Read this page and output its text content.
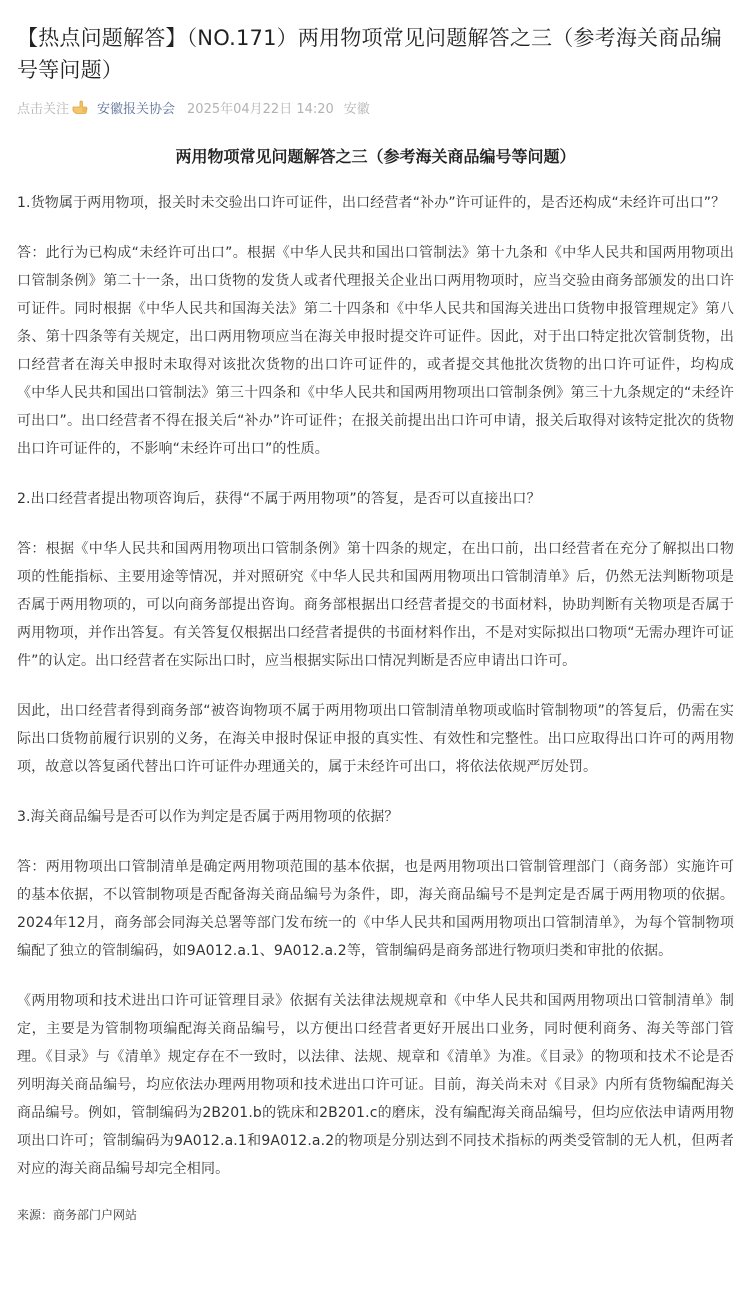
【热点问题解答】（NO.171）两用物项常见问题解答之三（参考海关商品编号等问题）
点击关注 安徽报关协会 2025年04月22日 14:20 安徽
两用物项常见问题解答之三（参考海关商品编号等问题）

1.货物属于两用物项，报关时未交验出口许可证件，出口经营者“补办”许可证件的，是否还构成“未经许可出口”？

答：此行为已构成“未经许可出口”。根据《中华人民共和国出口管制法》第十九条和《中华人民共和国两用物项出口管制条例》第二十一条，出口货物的发货人或者代理报关企业出口两用物项时，应当交验由商务部颁发的出口许可证件。同时根据《中华人民共和国海关法》第二十四条和《中华人民共和国海关进出口货物申报管理规定》第八条、第十四条等有关规定，出口两用物项应当在海关申报时提交许可证件。因此，对于出口特定批次管制货物，出口经营者在海关申报时未取得对该批次货物的出口许可证件的，或者提交其他批次货物的出口许可证件，均构成《中华人民共和国出口管制法》第三十四条和《中华人民共和国两用物项出口管制条例》第三十九条规定的“未经许可出口”。出口经营者不得在报关后“补办”许可证件；在报关前提出出口许可申请，报关后取得对该特定批次的货物出口许可证件的，不影响“未经许可出口”的性质。

2.出口经营者提出物项咨询后，获得“不属于两用物项”的答复，是否可以直接出口？

答：根据《中华人民共和国两用物项出口管制条例》第十四条的规定，在出口前，出口经营者在充分了解拟出口物项的性能指标、主要用途等情况，并对照研究《中华人民共和国两用物项出口管制清单》后，仍然无法判断物项是否属于两用物项的，可以向商务部提出咨询。商务部根据出口经营者提交的书面材料，协助判断有关物项是否属于两用物项，并作出答复。有关答复仅根据出口经营者提供的书面材料作出，不是对实际拟出口物项“无需办理许可证件”的认定。出口经营者在实际出口时，应当根据实际出口情况判断是否应申请出口许可。

因此，出口经营者得到商务部“被咨询物项不属于两用物项出口管制清单物项或临时管制物项”的答复后，仍需在实际出口货物前履行识别的义务，在海关申报时保证申报的真实性、有效性和完整性。出口应取得出口许可的两用物项，故意以答复函代替出口许可证件办理通关的，属于未经许可出口，将依法依规严厉处罚。

3.海关商品编号是否可以作为判定是否属于两用物项的依据？

答：两用物项出口管制清单是确定两用物项范围的基本依据，也是两用物项出口管制管理部门（商务部）实施许可的基本依据，不以管制物项是否配备海关商品编号为条件，即，海关商品编号不是判定是否属于两用物项的依据。2024年12月，商务部会同海关总署等部门发布统一的《中华人民共和国两用物项出口管制清单》，为每个管制物项编配了独立的管制编码，如9A012.a.1、9A012.a.2等，管制编码是商务部进行物项归类和审批的依据。

《两用物项和技术进出口许可证管理目录》依据有关法律法规规章和《中华人民共和国两用物项出口管制清单》制定，主要是为管制物项编配海关商品编号，以方便出口经营者更好开展出口业务，同时便利商务、海关等部门管理。《目录》与《清单》规定存在不一致时，以法律、法规、规章和《清单》为准。《目录》的物项和技术不论是否列明海关商品编号，均应依法办理两用物项和技术进出口许可证。目前，海关尚未对《目录》内所有货物编配海关商品编号。例如，管制编码为2B201.b的铣床和2B201.c的磨床，没有编配海关商品编号，但均应依法申请两用物项出口许可；管制编码为9A012.a.1和9A012.a.2的物项是分别达到不同技术指标的两类受管制的无人机，但两者对应的海关商品编号却完全相同。

来源：商务部门户网站
